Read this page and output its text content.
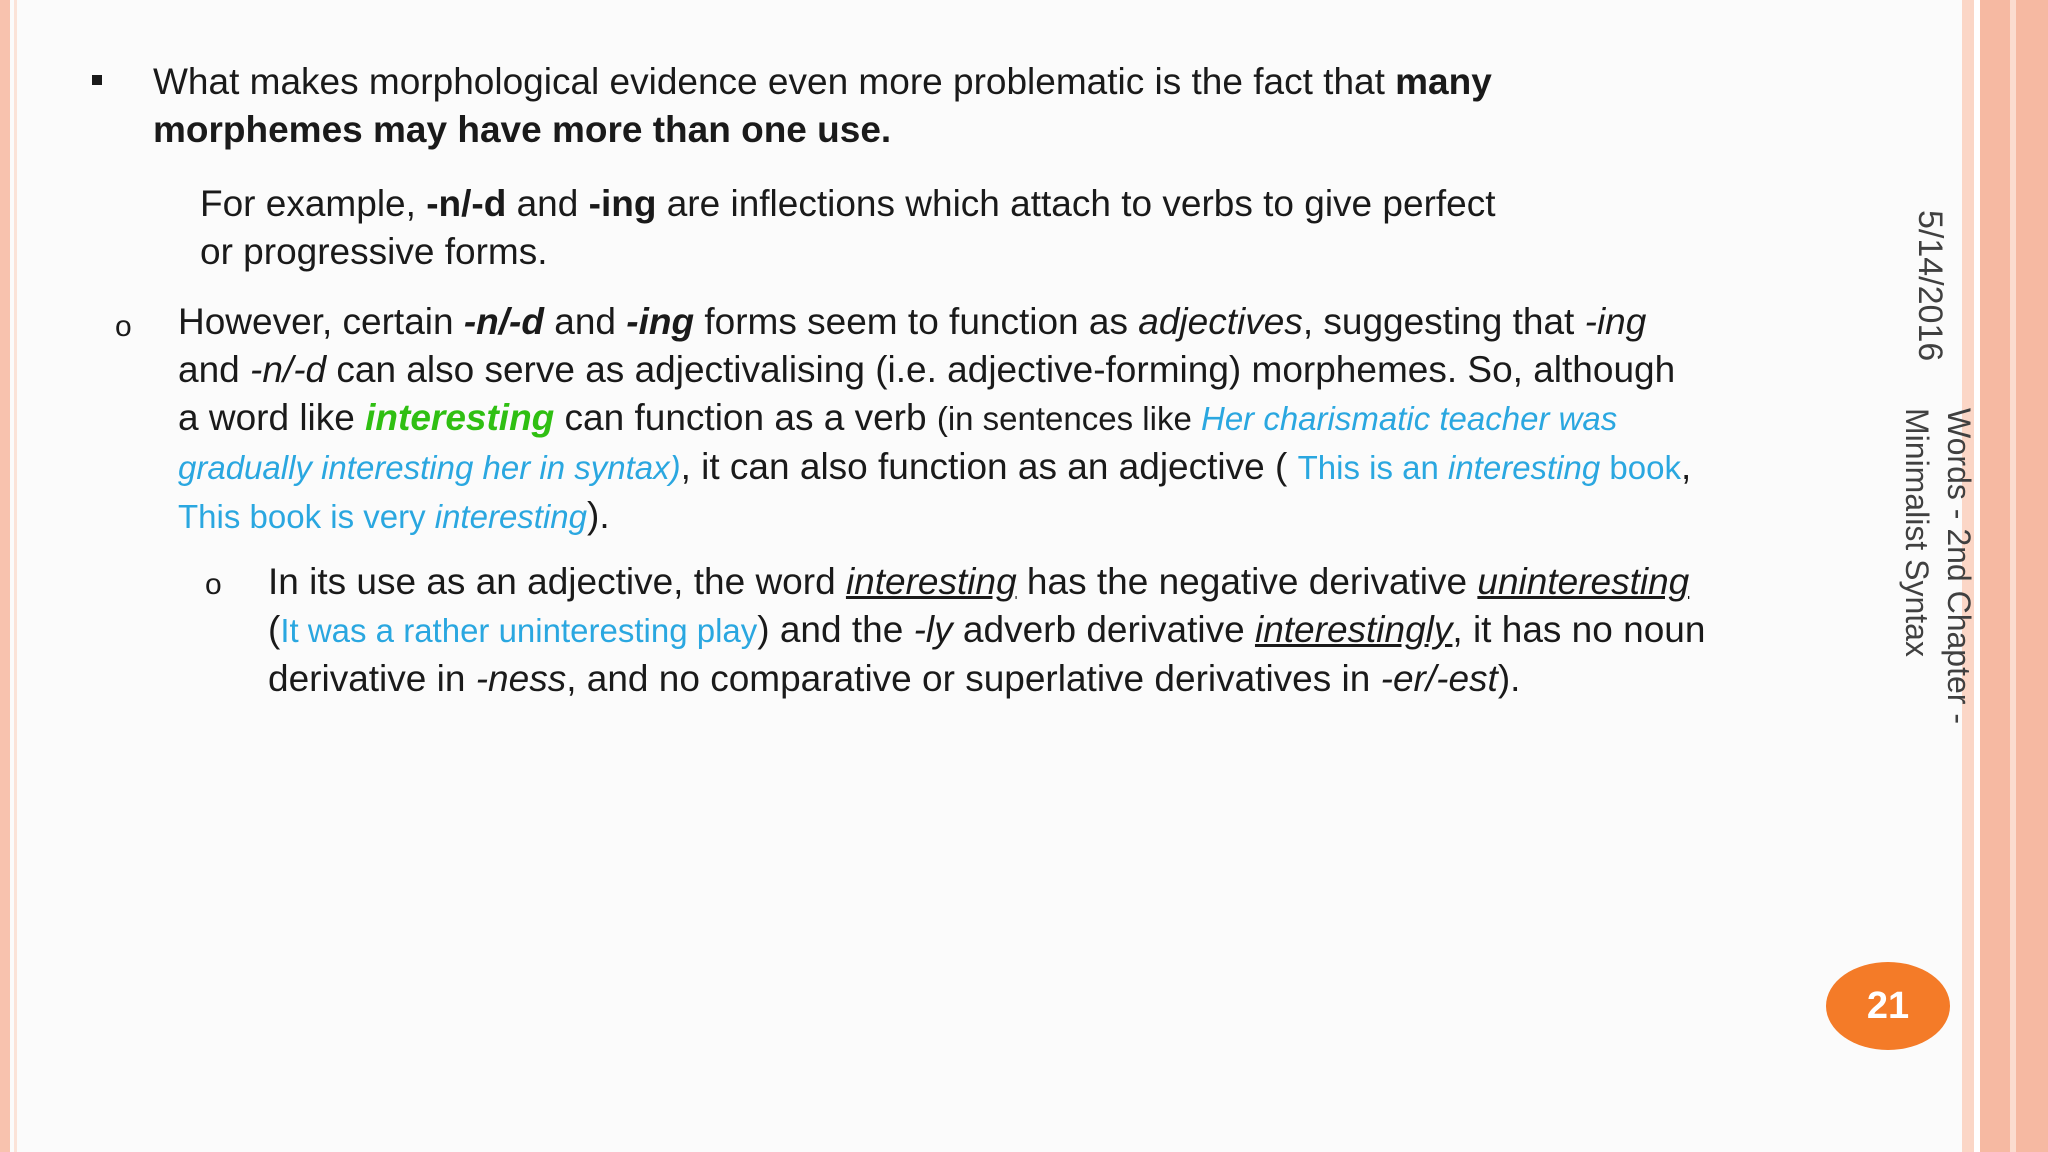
What makes morphological evidence even more problematic is the fact that many morphemes may have more than one use.

For example, -n/-d and -ing are inflections which attach to verbs to give perfect or progressive forms.

o However, certain -n/-d and -ing forms seem to function as adjectives, suggesting that -ing and -n/-d can also serve as adjectivalising (i.e. adjective-forming) morphemes. So, although a word like interesting can function as a verb (in sentences like Her charismatic teacher was gradually interesting her in syntax), it can also function as an adjective ( This is an interesting book, This book is very interesting).

o In its use as an adjective, the word interesting has the negative derivative uninteresting (It was a rather uninteresting play) and the -ly adverb derivative interestingly, it has no noun derivative in -ness, and no comparative or superlative derivatives in -er/-est).

5/14/2016
Words - 2nd Chapter - Minimalist Syntax
21
